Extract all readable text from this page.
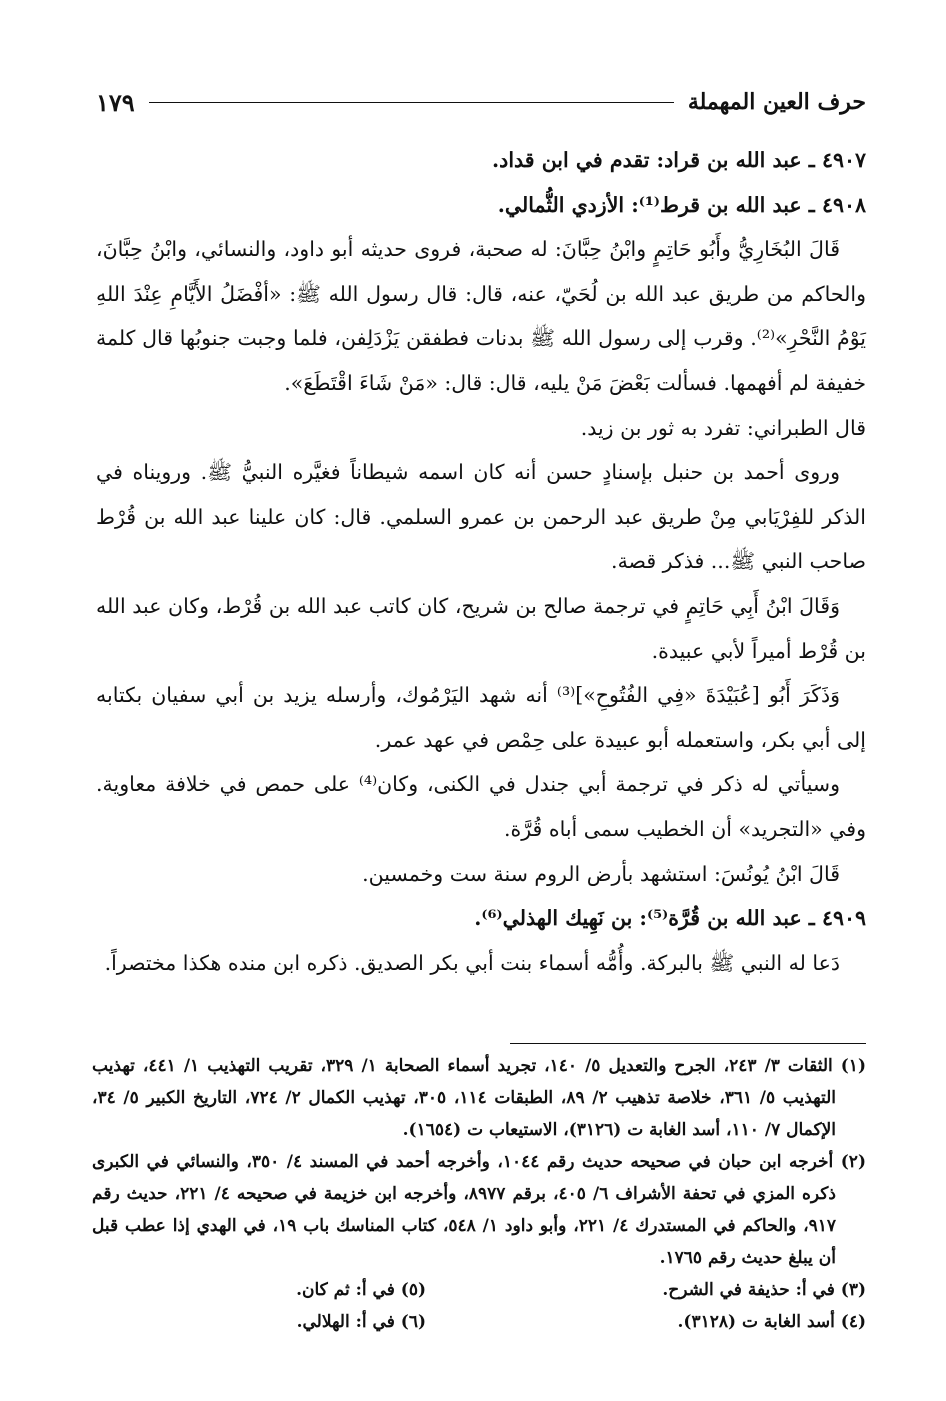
حرف العين المهملة
١٧٩

٤٩٠٧ ـ عبد الله بن قراد: تقدم في ابن قداد.

٤٩٠٨ ـ عبد الله بن قرط⁽¹⁾: الأزدي الثُّمالي.

قَالَ البُخَارِيُّ وأَبُو حَاتِمٍ وابْنُ حِبَّانَ: له صحبة، فروى حديثه أبو داود، والنسائي، وابْنُ حِبَّانَ، والحاكم من طريق عبد الله بن لُحَيّ، عنه، قال: قال رسول الله ﷺ: «أفْضَلُ الأَيَّامِ عِنْدَ اللهِ يَوْمُ النَّحْرِ»⁽²⁾. وقرب إلى رسول الله ﷺ بدنات فطفقن يَزْدَلِفن، فلما وجبت جنوبُها قال كلمة خفيفة لم أفهمها. فسألت بَعْضَ مَنْ يليه، قال: قال: «مَنْ شَاءَ اقْتَطَعَ».

قال الطبراني: تفرد به ثور بن زيد.

وروى أحمد بن حنبل بإسنادٍ حسن أنه كان اسمه شيطاناً فغيَّره النبيُّ ﷺ. ورويناه في الذكر للفِرْيَابي مِنْ طريق عبد الرحمن بن عمرو السلمي. قال: كان علينا عبد الله بن قُرْط صاحب النبي ﷺ... فذكر قصة.

وَقَالَ ابْنُ أَبِي حَاتِمٍ في ترجمة صالح بن شريح، كان كاتب عبد الله بن قُرْط، وكان عبد الله بن قُرْط أميراً لأبي عبيدة.

وَذَكَرَ أَبُو [عُبَيْدَةَ «فِي الفُتُوحِ»]⁽³⁾ أنه شهد اليَرْمُوك، وأرسله يزيد بن أبي سفيان بكتابه إلى أبي بكر، واستعمله أبو عبيدة على حِمْص في عهد عمر.

وسيأتي له ذكر في ترجمة أبي جندل في الكنى، وكان⁽⁴⁾ على حمص في خلافة معاوية. وفي «التجريد» أن الخطيب سمى أباه قُرَّة.

قَالَ ابْنُ يُونُسَ: استشهد بأرض الروم سنة ست وخمسين.

٤٩٠٩ ـ عبد الله بن قُرَّة⁽⁵⁾: بن نَهِيك الهذلي⁽⁶⁾.

دَعا له النبي ﷺ بالبركة. وأُمُّه أسماء بنت أبي بكر الصديق. ذكره ابن منده هكذا مختصراً.

(١) الثقات ٣/ ٢٤٣، الجرح والتعديل ٥/ ١٤٠، تجريد أسماء الصحابة ١/ ٣٢٩، تقريب التهذيب ١/ ٤٤١، تهذيب التهذيب ٥/ ٣٦١، خلاصة تذهيب ٢/ ٨٩، الطبقات ١١٤، ٣٠٥، تهذيب الكمال ٢/ ٧٢٤، التاريخ الكبير ٥/ ٣٤، الإكمال ٧/ ١١٠، أسد الغابة ت (٣١٢٦)، الاستيعاب ت (١٦٥٤).

(٢) أخرجه ابن حبان في صحيحه حديث رقم ١٠٤٤، وأخرجه أحمد في المسند ٤/ ٣٥٠، والنسائي في الكبرى ذكره المزي في تحفة الأشراف ٦/ ٤٠٥، برقم ٨٩٧٧، وأخرجه ابن خزيمة في صحيحه ٤/ ٢٢١، حديث رقم ٩١٧، والحاكم في المستدرك ٤/ ٢٢١، وأبو داود ١/ ٥٤٨، كتاب المناسك باب ١٩، في الهدي إذا عطب قبل أن يبلغ حديث رقم ١٧٦٥.

(٣) في أ: حذيفة في الشرح.
(٥) في أ: ثم كان.

(٤) أسد الغابة ت (٣١٢٨).
(٦) في أ: الهلالي.
